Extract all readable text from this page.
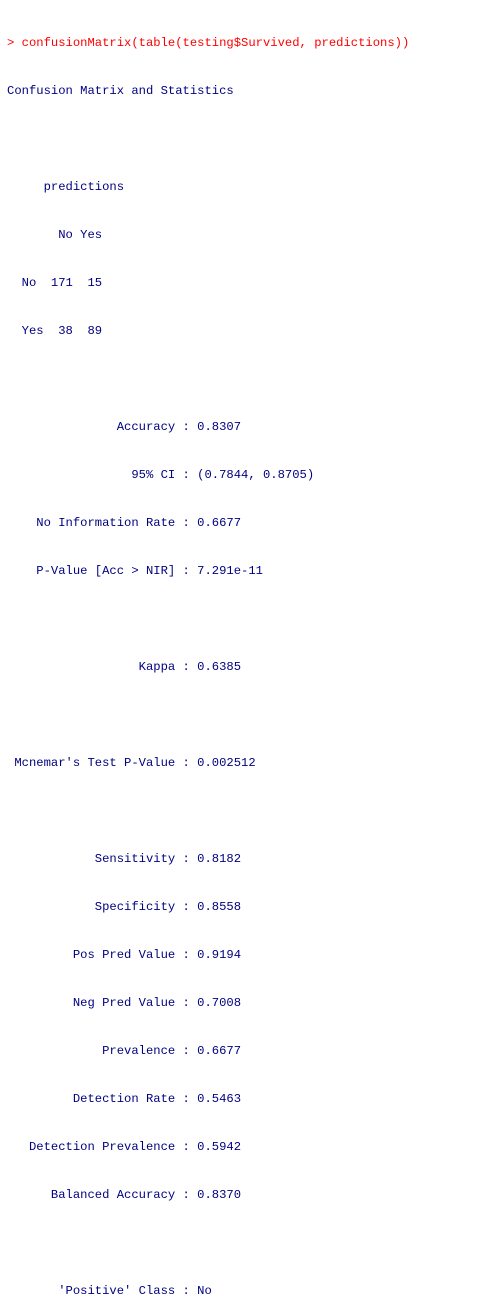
> confusionMatrix(table(testing$Survived, predictions))

Confusion Matrix and Statistics

predictions

No Yes

No  171  15

Yes  38  89

Accuracy : 0.8307

95% CI : (0.7844, 0.8705)

No Information Rate : 0.6677

P-Value [Acc > NIR] : 7.291e-11

Kappa : 0.6385

Mcnemar's Test P-Value : 0.002512

Sensitivity : 0.8182

Specificity : 0.8558

Pos Pred Value : 0.9194

Neg Pred Value : 0.7008

Prevalence : 0.6677

Detection Rate : 0.5463

Detection Prevalence : 0.5942

Balanced Accuracy : 0.8370

'Positive' Class : No
